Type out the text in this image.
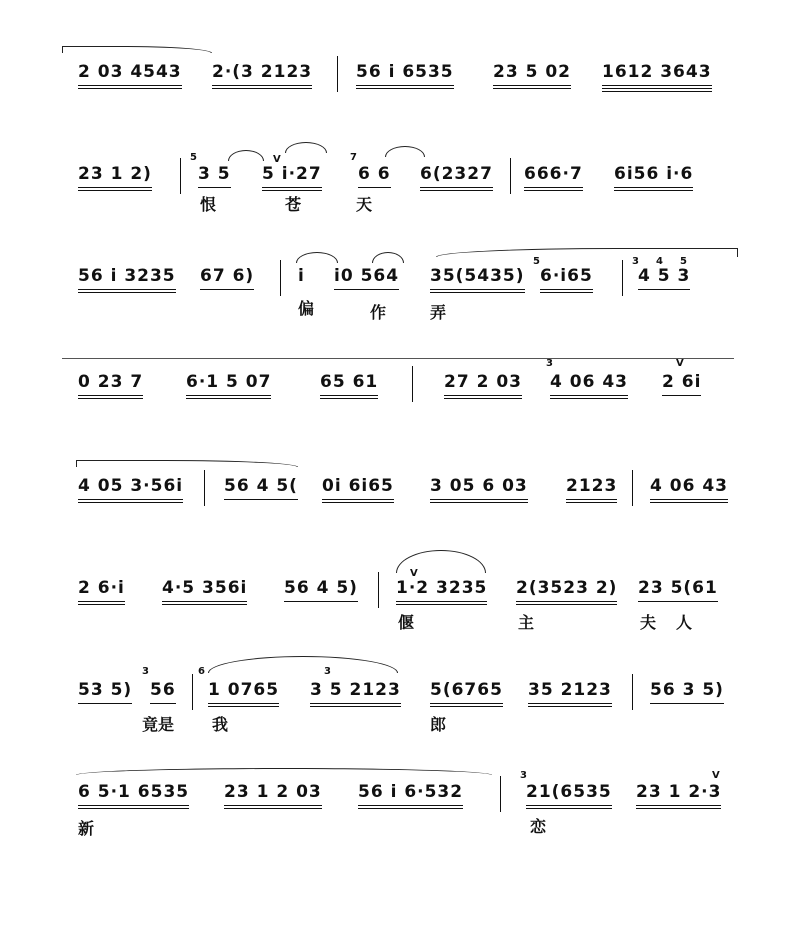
2 03 4543 2·(3 2123	56 i 6535 23 5 02 1612 3643
23 1 2)
5
3 5
V
5 i·27
7
6 6 6(2327 666·7 6i56 i·6
恨	苍	天
56 i 3235 67 6)	i i0 564 35(5435)
5
6·i65
3 4 5
4 5 3
偏	作	弄
0 23 7	6·1 5 07	65 61	27 2 03
3
4 06 43
V
2 6i
4 05 3·56i 56 4 5( 0i 6i65 3 05 6 03 2123 4 06 43
2 6·i 4·5 356i 56 4 5)
V
1·2 3235 2(3523 2) 23 5(61
偃	主	夫 人
53 5)
3
56
6
1 0765
3
3 5 2123 5(6765 35 2123 56 3 5)
竟是 我	郎
6 5·1 6535 23 1 2 03 56 i 6·532
3
21(6535
V
23 1 2·3
新	恋
